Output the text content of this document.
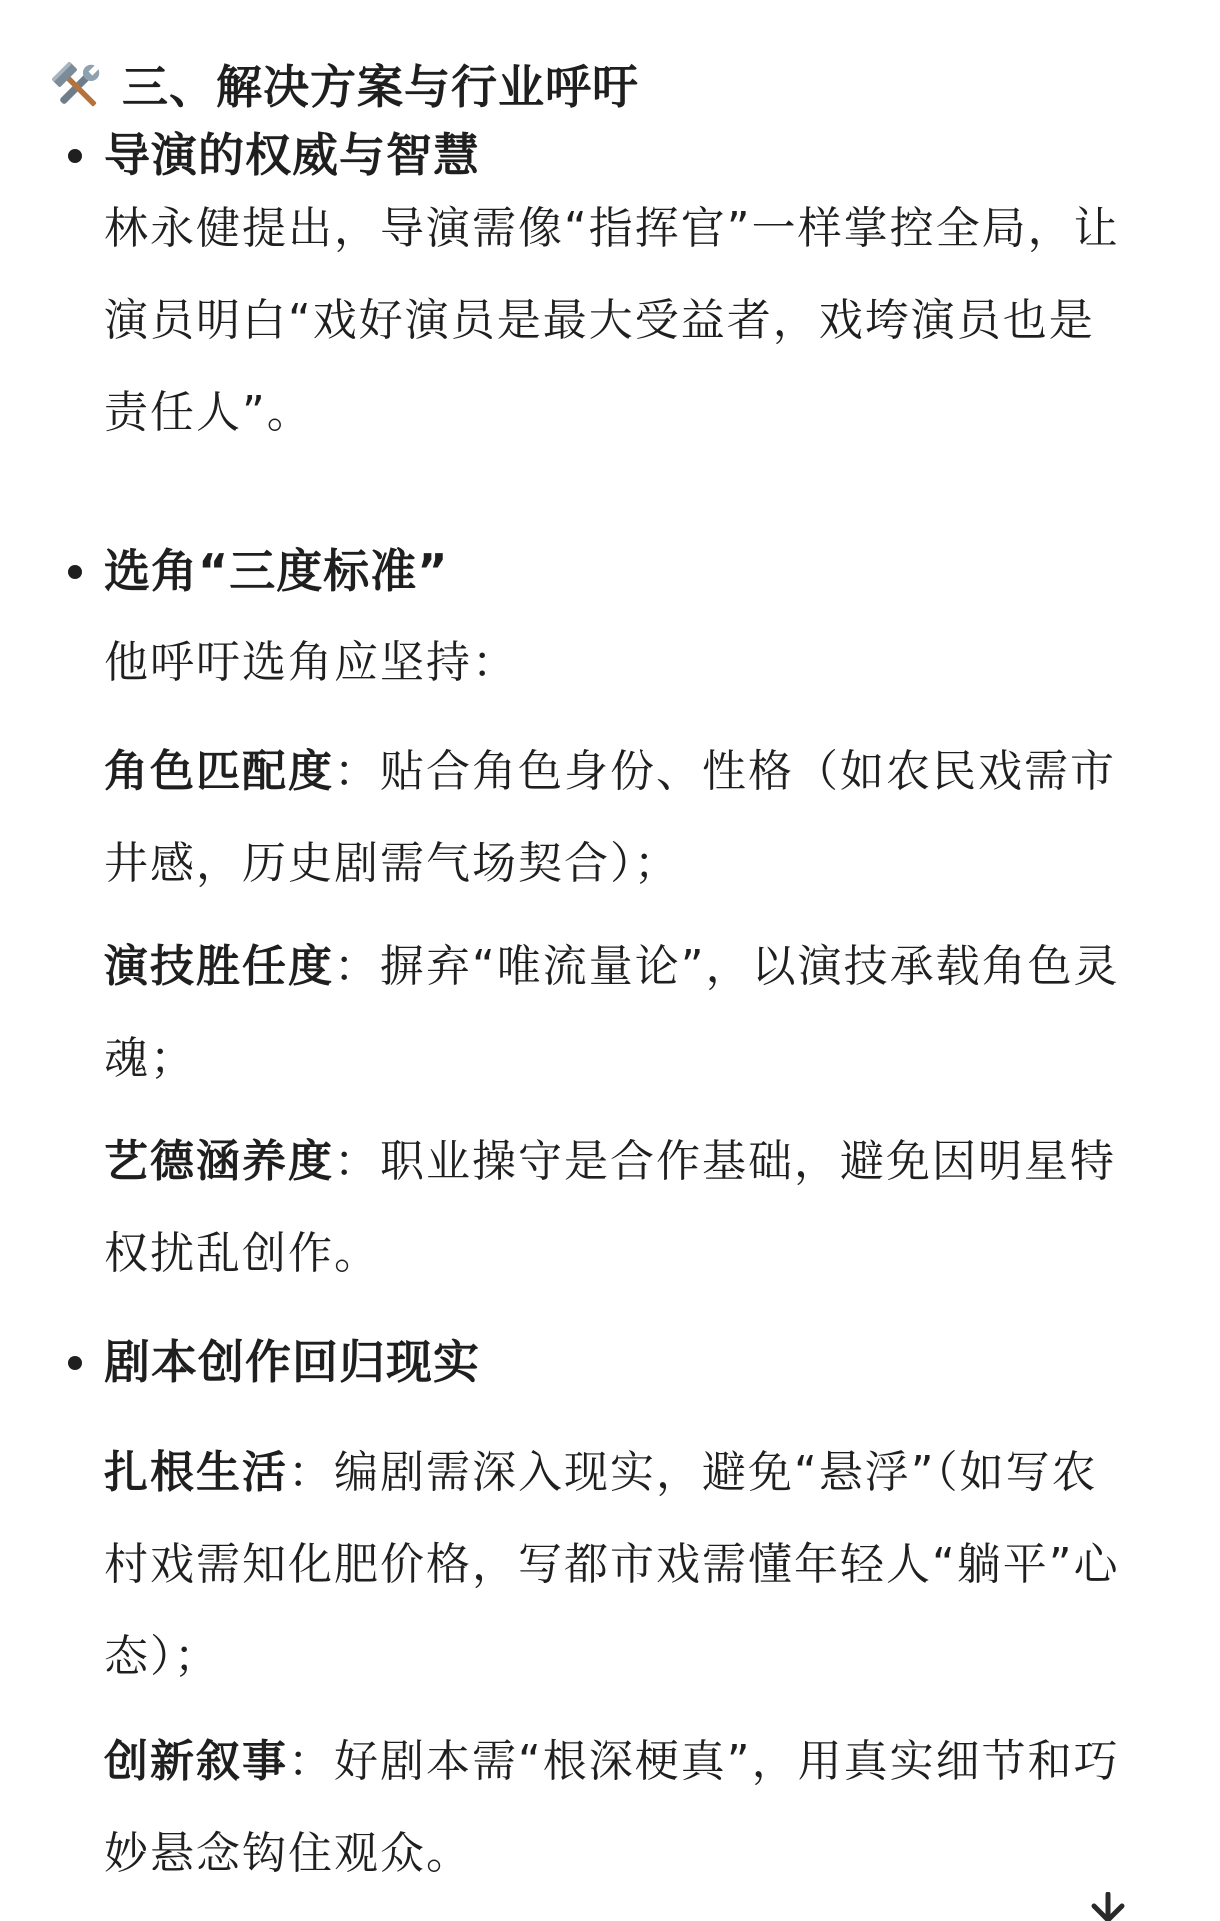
三、解决方案与行业呼吁
导演的权威与智慧
林永健提出，导演需像“指挥官”一样掌控全局，让
演员明白“戏好演员是最大受益者，戏垮演员也是
责任人”。
选角“三度标准”
他呼吁选角应坚持：
角色匹配度：贴合角色身份、性格（如农民戏需市
井感，历史剧需气场契合）；
演技胜任度：摒弃“唯流量论”，以演技承载角色灵
魂；
艺德涵养度：职业操守是合作基础，避免因明星特
权扰乱创作。
剧本创作回归现实
扎根生活：编剧需深入现实，避免“悬浮”（如写农
村戏需知化肥价格，写都市戏需懂年轻人“躺平”心
态）；
创新叙事：好剧本需“根深梗真”，用真实细节和巧
妙悬念钩住观众。
